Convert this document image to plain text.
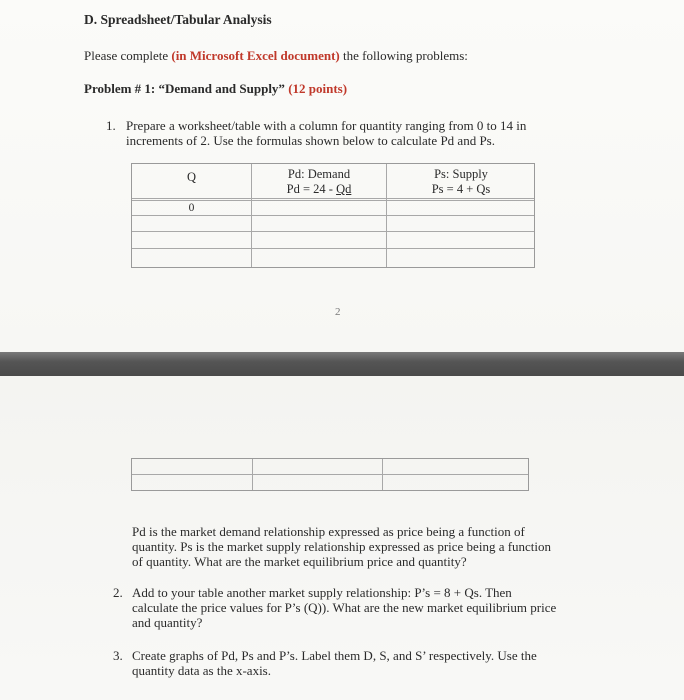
D. Spreadsheet/Tabular Analysis
Please complete (in Microsoft Excel document) the following problems:
Problem # 1: “Demand and Supply” (12 points)
1. Prepare a worksheet/table with a column for quantity ranging from 0 to 14 in
increments of 2. Use the formulas shown below to calculate Pd and Ps.
Q	Pd: Demand
Pd = 24 - Qd
Ps: Supply
Ps = 4 + Qs
0
2
Pd is the market demand relationship expressed as price being a function of
quantity. Ps is the market supply relationship expressed as price being a function
of quantity. What are the market equilibrium price and quantity?
2. Add to your table another market supply relationship: P’s = 8 + Qs. Then
calculate the price values for P’s (Q)). What are the new market equilibrium price
and quantity?
3. Create graphs of Pd, Ps and P’s. Label them D, S, and S’ respectively. Use the
quantity data as the x-axis.
